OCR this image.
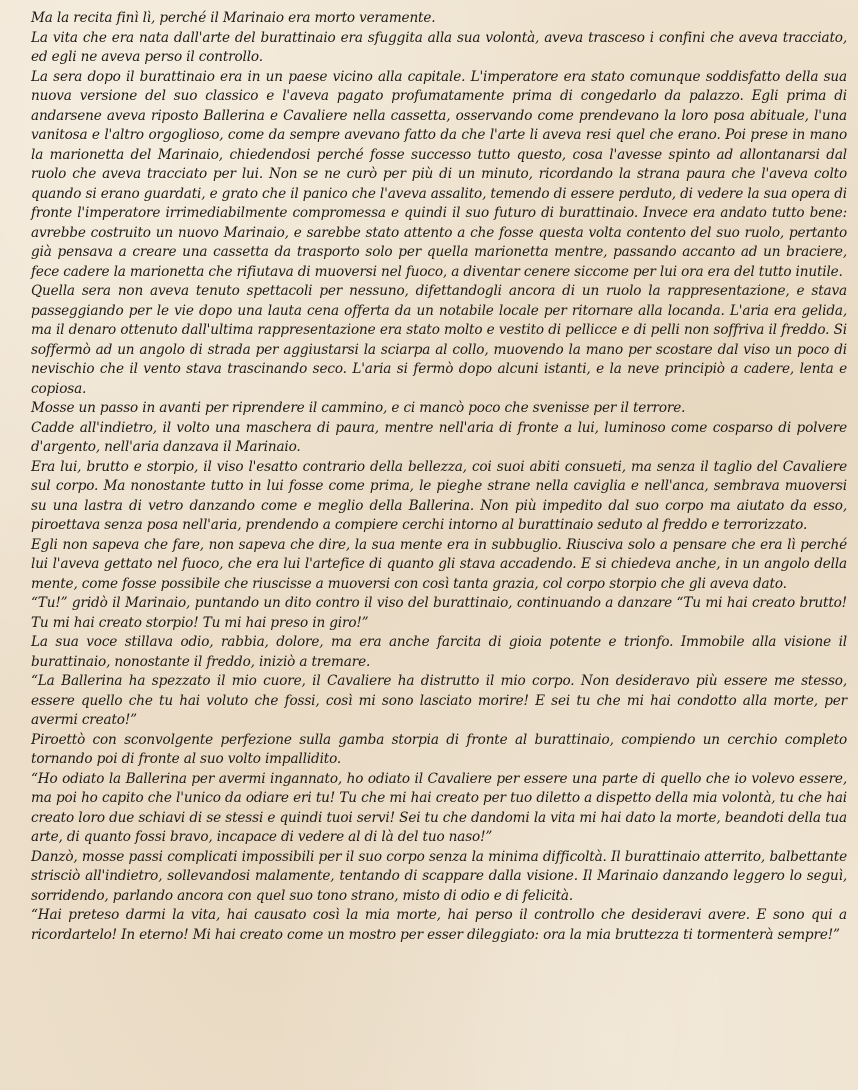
Ma la recita finì lì, perché il Marinaio era morto veramente.

La vita che era nata dall'arte del burattinaio era sfuggita alla sua volontà, aveva trasceso i confini che aveva tracciato, ed egli ne aveva perso il controllo.

La sera dopo il burattinaio era in un paese vicino alla capitale. L'imperatore era stato comunque soddisfatto della sua nuova versione del suo classico e l'aveva pagato profumatamente prima di congedarlo da palazzo. Egli prima di andarsene aveva riposto Ballerina e Cavaliere nella cassetta, osservando come prendevano la loro posa abituale, l'una vanitosa e l'altro orgoglioso, come da sempre avevano fatto da che l'arte li aveva resi quel che erano. Poi prese in mano la marionetta del Marinaio, chiedendosi perché fosse successo tutto questo, cosa l'avesse spinto ad allontanarsi dal ruolo che aveva tracciato per lui. Non se ne curò per più di un minuto, ricordando la strana paura che l'aveva colto quando si erano guardati, e grato che il panico che l'aveva assalito, temendo di essere perduto, di vedere la sua opera di fronte l'imperatore irrimediabilmente compromessa e quindi il suo futuro di burattinaio. Invece era andato tutto bene: avrebbe costruito un nuovo Marinaio, e sarebbe stato attento a che fosse questa volta contento del suo ruolo, pertanto già pensava a creare una cassetta da trasporto solo per quella marionetta mentre, passando accanto ad un braciere, fece cadere la marionetta che rifiutava di muoversi nel fuoco, a diventar cenere siccome per lui ora era del tutto inutile.

Quella sera non aveva tenuto spettacoli per nessuno, difettandogli ancora di un ruolo la rappresentazione, e stava passeggiando per le vie dopo una lauta cena offerta da un notabile locale per ritornare alla locanda. L'aria era gelida, ma il denaro ottenuto dall'ultima rappresentazione era stato molto e vestito di pellicce e di pelli non soffriva il freddo. Si soffermò ad un angolo di strada per aggiustarsi la sciarpa al collo, muovendo la mano per scostare dal viso un poco di nevischio che il vento stava trascinando seco. L'aria si fermò dopo alcuni istanti, e la neve principiò a cadere, lenta e copiosa.

Mosse un passo in avanti per riprendere il cammino, e ci mancò poco che svenisse per il terrore.

Cadde all'indietro, il volto una maschera di paura, mentre nell'aria di fronte a lui, luminoso come cosparso di polvere d'argento, nell'aria danzava il Marinaio.

Era lui, brutto e storpio, il viso l'esatto contrario della bellezza, coi suoi abiti consueti, ma senza il taglio del Cavaliere sul corpo. Ma nonostante tutto in lui fosse come prima, le pieghe strane nella caviglia e nell'anca, sembrava muoversi su una lastra di vetro danzando come e meglio della Ballerina. Non più impedito dal suo corpo ma aiutato da esso, piroettava senza posa nell'aria, prendendo a compiere cerchi intorno al burattinaio seduto al freddo e terrorizzato.

Egli non sapeva che fare, non sapeva che dire, la sua mente era in subbuglio. Riusciva solo a pensare che era lì perché lui l'aveva gettato nel fuoco, che era lui l'artefice di quanto gli stava accadendo. E si chiedeva anche, in un angolo della mente, come fosse possibile che riuscisse a muoversi con così tanta grazia, col corpo storpio che gli aveva dato.

“Tu!” gridò il Marinaio, puntando un dito contro il viso del burattinaio, continuando a danzare “Tu mi hai creato brutto! Tu mi hai creato storpio! Tu mi hai preso in giro!”

La sua voce stillava odio, rabbia, dolore, ma era anche farcita di gioia potente e trionfo. Immobile alla visione il burattinaio, nonostante il freddo, iniziò a tremare.

“La Ballerina ha spezzato il mio cuore, il Cavaliere ha distrutto il mio corpo. Non desideravo più essere me stesso, essere quello che tu hai voluto che fossi, così mi sono lasciato morire! E sei tu che mi hai condotto alla morte, per avermi creato!”

Piroettò con sconvolgente perfezione sulla gamba storpia di fronte al burattinaio, compiendo un cerchio completo tornando poi di fronte al suo volto impallidito.

“Ho odiato la Ballerina per avermi ingannato, ho odiato il Cavaliere per essere una parte di quello che io volevo essere, ma poi ho capito che l'unico da odiare eri tu! Tu che mi hai creato per tuo diletto a dispetto della mia volontà, tu che hai creato loro due schiavi di se stessi e quindi tuoi servi! Sei tu che dandomi la vita mi hai dato la morte, beandoti della tua arte, di quanto fossi bravo, incapace di vedere al di là del tuo naso!”

Danzò, mosse passi complicati impossibili per il suo corpo senza la minima difficoltà. Il burattinaio atterrito, balbettante strisciò all'indietro, sollevandosi malamente, tentando di scappare dalla visione. Il Marinaio danzando leggero lo seguì, sorridendo, parlando ancora con quel suo tono strano, misto di odio e di felicità.

“Hai preteso darmi la vita, hai causato così la mia morte, hai perso il controllo che desideravi avere. E sono qui a ricordartelo! In eterno! Mi hai creato come un mostro per esser dileggiato: ora la mia bruttezza ti tormenterà sempre!”
